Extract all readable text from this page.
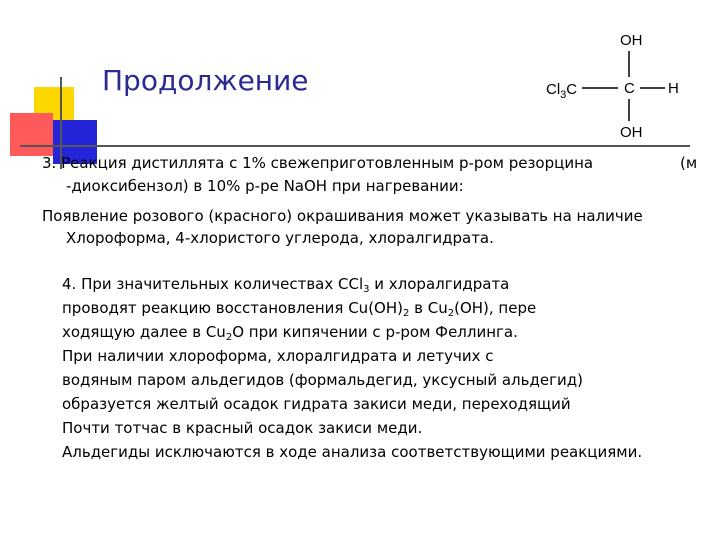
Продолжение
OH
$Cl_3C$	C H
OH
3. Реакция дистиллята с 1% свежеприготовленным р-ром резорцина	(м
-диоксибензол) в 10% р-ре NaOH при нагревании:
Появление розового (красного) окрашивания может указывать на наличие
Хлороформа, 4-хлористого углерода, хлоралгидрата.
4. При значительных количествах CCl$_3$ и хлоралгидрата
проводят реакцию восстановления $Cu(OH)_2$ в $Cu_2(OH)$, пере
ходящую далее в $Cu_2O$ при кипячении с р-ром Феллинга.
При наличии хлороформа, хлоралгидрата и летучих с
водяным паром альдегидов (формальдегид, уксусный альдегид)
образуется желтый осадок гидрата закиси меди, переходящий
Почти тотчас в красный осадок закиси меди.
Альдегиды исключаются в ходе анализа соответствующими реакциями.
